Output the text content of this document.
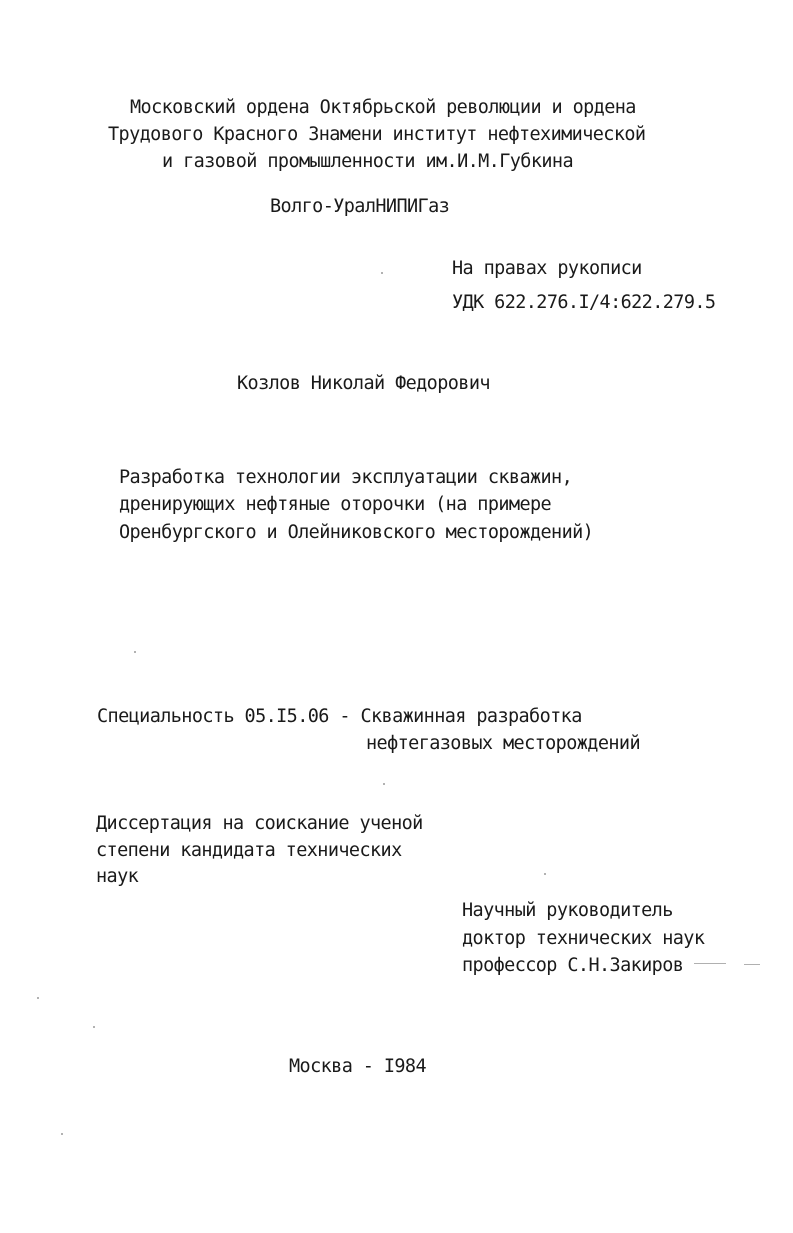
Московский ордена Октябрьской революции и ордена
Трудового Красного Знамени институт нефтехимической
и газовой промышленности им.И.М.Губкина
Волго-УралНИПИГаз
На правах рукописи
УДК 622.276.I/4:622.279.5
Козлов Николай Федорович
Разработка технологии эксплуатации скважин,
дренирующих нефтяные оторочки (на примере
Оренбургского и Олейниковского месторождений)
Специальность 05.I5.06 - Скважинная разработка
нефтегазовых месторождений
Диссертация на соискание ученой
степени кандидата технических
наук
Научный руководитель
доктор технических наук
профессор С.Н.Закиров
Москва - I984
